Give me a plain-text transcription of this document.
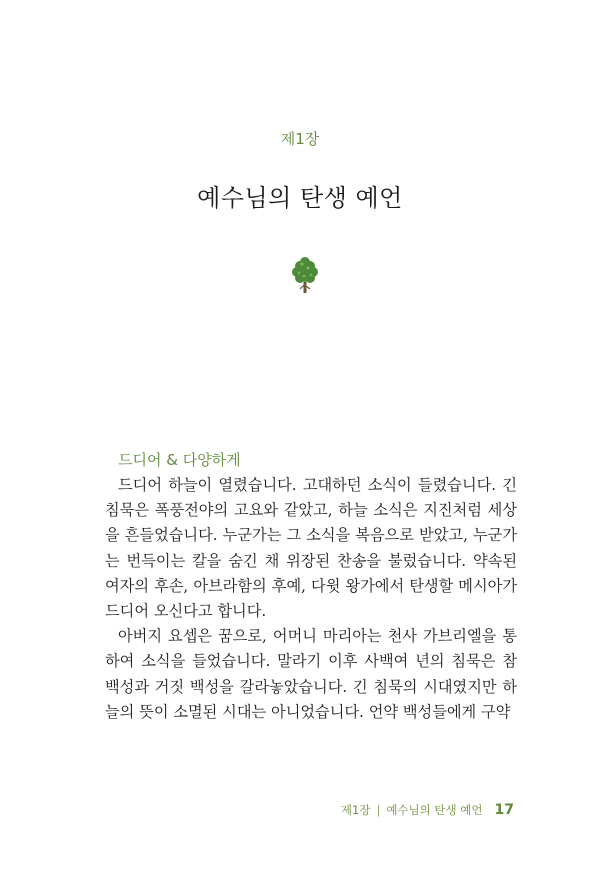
제1장
예수님의 탄생 예언
드디어 & 다양하게

드디어 하늘이 열렸습니다. 고대하던 소식이 들렸습니다. 긴 침묵은 폭풍전야의 고요와 같았고, 하늘 소식은 지진처럼 세상을 흔들었습니다. 누군가는 그 소식을 복음으로 받았고, 누군가는 번득이는 칼을 숨긴 채 위장된 찬송을 불렀습니다. 약속된 여자의 후손, 아브라함의 후예, 다윗 왕가에서 탄생할 메시아가 드디어 오신다고 합니다.

아버지 요셉은 꿈으로, 어머니 마리아는 천사 가브리엘을 통하여 소식을 들었습니다. 말라기 이후 사백여 년의 침묵은 참 백성과 거짓 백성을 갈라놓았습니다. 긴 침묵의 시대였지만 하늘의 뜻이 소멸된 시대는 아니었습니다. 언약 백성들에게 구약

제1장 | 예수님의 탄생 예언 17
